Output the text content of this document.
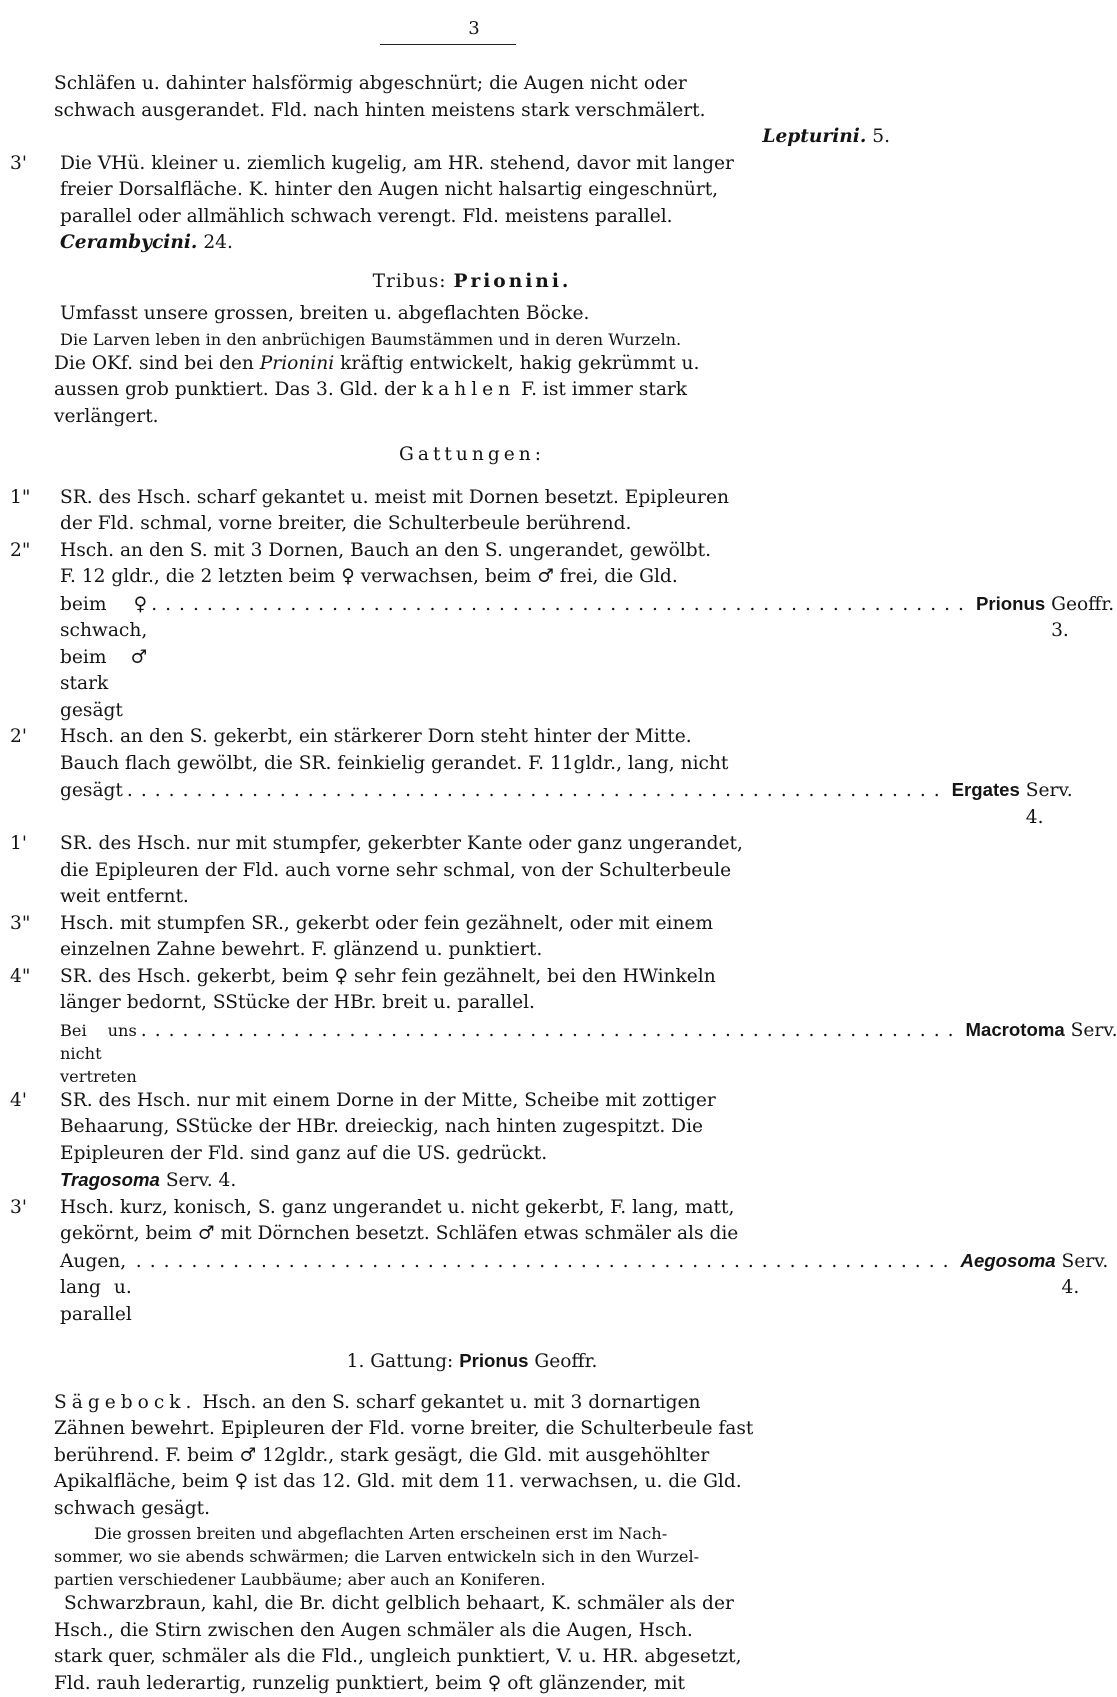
3

Schläfen u. dahinter halsförmig abgeschnürt; die Augen nicht oder

schwach ausgerandet. Fld. nach hinten meistens stark verschmälert.

Lepturini. 5.

3'	Die VHü. kleiner u. ziemlich kugelig, am HR. stehend, davor mit langer

freier Dorsalfläche. K. hinter den Augen nicht halsartig eingeschnürt,

parallel oder allmählich schwach verengt. Fld. meistens parallel.

Cerambycini. 24.

Tribus: Prionini.

Umfasst unsere grossen, breiten u. abgeflachten Böcke.

Die Larven leben in den anbrüchigen Baumstämmen und in deren Wurzeln.

Die OKf. sind bei den Prionini kräftig entwickelt, hakig gekrümmt u.

aussen grob punktiert. Das 3. Gld. der kahlen F. ist immer stark

verlängert.

Gattungen:

1"	SR. des Hsch. scharf gekantet u. meist mit Dornen besetzt. Epipleuren

der Fld. schmal, vorne breiter, die Schulterbeule berührend.

2"	Hsch. an den S. mit 3 Dornen, Bauch an den S. ungerandet, gewölbt.

F. 12 gldr., die 2 letzten beim ♀ verwachsen, beim ♂ frei, die Gld.

beim ♀ schwach, beim ♂ stark gesägt
........................................................... Prionus
Geoffr. 3.

2'	Hsch. an den S. gekerbt, ein stärkerer Dorn steht hinter der Mitte.

Bauch flach gewölbt, die SR. feinkielig gerandet. F. 11gldr., lang, nicht

gesägt ........................................................... Ergates
Serv. 4.

1'	SR. des Hsch. nur mit stumpfer, gekerbter Kante oder ganz ungerandet,

die Epipleuren der Fld. auch vorne sehr schmal, von der Schulterbeule

weit entfernt.

3"	Hsch. mit stumpfen SR., gekerbt oder fein gezähnelt, oder mit einem

einzelnen Zahne bewehrt. F. glänzend u. punktiert.

4"	SR. des Hsch. gekerbt, beim ♀ sehr fein gezähnelt, bei den HWinkeln

länger bedornt, SStücke der HBr. breit u. parallel.

Bei uns nicht vertreten
........................................................... Macrotoma
Serv.

4'	SR. des Hsch. nur mit einem Dorne in der Mitte, Scheibe mit zottiger

Behaarung, SStücke der HBr. dreieckig, nach hinten zugespitzt. Die

Epipleuren der Fld. sind ganz auf die US. gedrückt.

Tragosoma Serv. 4.

3'	Hsch. kurz, konisch, S. ganz ungerandet u. nicht gekerbt, F. lang, matt,

gekörnt, beim ♂ mit Dörnchen besetzt. Schläfen etwas schmäler als die

Augen, lang u. parallel
........................................................... Aegosoma
Serv. 4.

1. Gattung: Prionus Geoffr.

Sägebock. Hsch. an den S. scharf gekantet u. mit 3 dornartigen

Zähnen bewehrt. Epipleuren der Fld. vorne breiter, die Schulterbeule fast

berührend. F. beim ♂ 12gldr., stark gesägt, die Gld. mit ausgehöhlter

Apikalfläche, beim ♀ ist das 12. Gld. mit dem 11. verwachsen, u. die Gld.

schwach gesägt.

Die grossen breiten und abgeflachten Arten erscheinen erst im Nach-

sommer, wo sie abends schwärmen; die Larven entwickeln sich in den Wurzel-

partien verschiedener Laubbäume; aber auch an Koniferen.

Schwarzbraun, kahl, die Br. dicht gelblich behaart, K. schmäler als der

Hsch., die Stirn zwischen den Augen schmäler als die Augen, Hsch.

stark quer, schmäler als die Fld., ungleich punktiert, V. u. HR. abgesetzt,

Fld. rauh lederartig, runzelig punktiert, beim ♀ oft glänzender, mit
